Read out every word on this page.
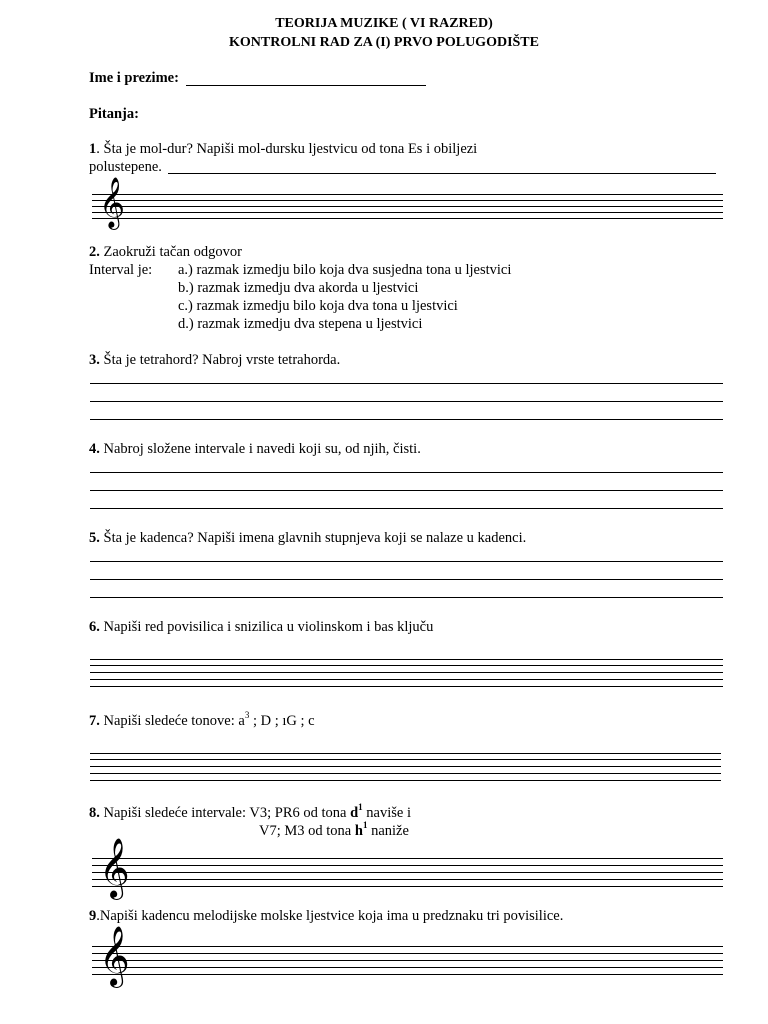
TEORIJA MUZIKE ( VI RAZRED)
KONTROLNI RAD ZA (I) PRVO POLUGODIŠTE
Ime i prezime:
Pitanja:
1. Šta je mol-dur? Napiši mol-dursku ljestvicu od tona Es i obiljezi
polustepene.
𝄞
2. Zaokruži tačan odgovor
Interval je: a.) razmak izmedju bilo koja dva susjedna tona u ljestvici
b.) razmak izmedju dva akorda u ljestvici
c.) razmak izmedju bilo koja dva tona u ljestvici
d.) razmak izmedju dva stepena u ljestvici
3. Šta je tetrahord? Nabroj vrste tetrahorda.
4. Nabroj složene intervale i navedi koji su, od njih, čisti.
5. Šta je kadenca? Napiši imena glavnih stupnjeva koji se nalaze u kadenci.
6. Napiši red povisilica i snizilica u violinskom i bas ključu
7. Napiši sledeće tonove: $a^3$ ; D ; ıG ; c
8. Napiši sledeće intervale: V3; PR6 od tona $d^1$ naviše i
V7; M3 od tona $h^1$ naniže
𝄞
9.Napiši kadencu melodijske molske ljestvice koja ima u predznaku tri povisilice.
𝄞
